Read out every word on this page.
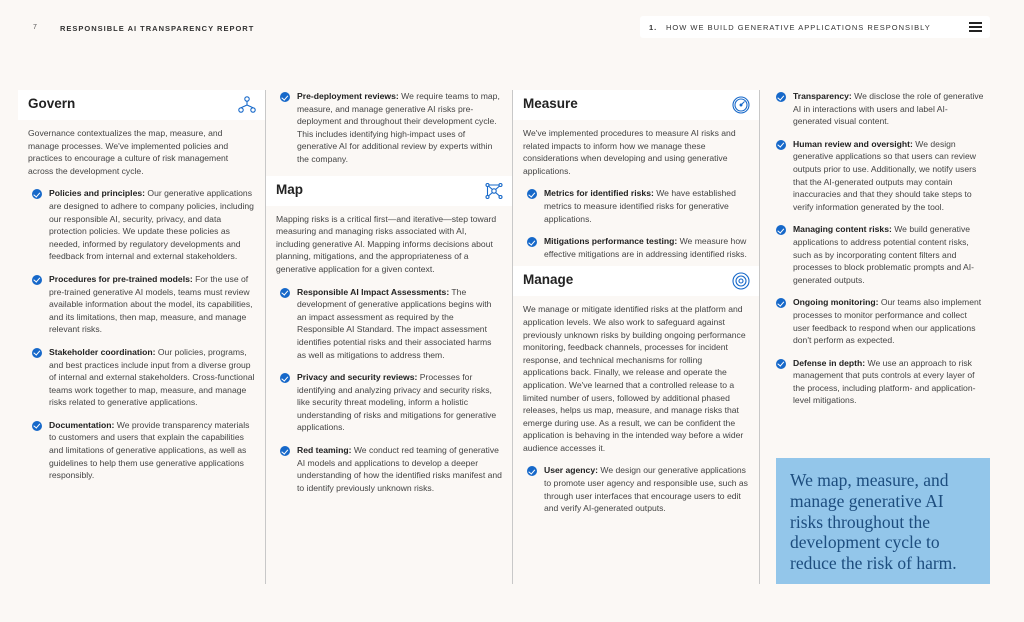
7	RESPONSIBLE AI TRANSPARENCY REPORT	1. HOW WE BUILD GENERATIVE APPLICATIONS RESPONSIBLY
Govern

Governance contextualizes the map, measure, and manage processes. We've implemented policies and practices to encourage a culture of risk management across the development cycle.

Policies and principles: Our generative applications are designed to adhere to company policies, including our responsible AI, security, privacy, and data protection policies. We update these policies as needed, informed by regulatory developments and feedback from internal and external stakeholders.
Procedures for pre-trained models: For the use of pre-trained generative AI models, teams must review available information about the model, its capabilities, and its limitations, then map, measure, and manage relevant risks.
Stakeholder coordination: Our policies, programs, and best practices include input from a diverse group of internal and external stakeholders. Cross-functional teams work together to map, measure, and manage risks related to generative applications.
Documentation: We provide transparency materials to customers and users that explain the capabilities and limitations of generative applications, as well as guidelines to help them use generative applications responsibly.
Pre-deployment reviews: We require teams to map, measure, and manage generative AI risks pre-deployment and throughout their development cycle. This includes identifying high-impact uses of generative AI for additional review by experts within the company.
Map

Mapping risks is a critical first—and iterative—step toward measuring and managing risks associated with AI, including generative AI. Mapping informs decisions about planning, mitigations, and the appropriateness of a generative application for a given context.

Responsible AI Impact Assessments: The development of generative applications begins with an impact assessment as required by the Responsible AI Standard. The impact assessment identifies potential risks and their associated harms as well as mitigations to address them.
Privacy and security reviews: Processes for identifying and analyzing privacy and security risks, like security threat modeling, inform a holistic understanding of risks and mitigations for generative applications.
Red teaming: We conduct red teaming of generative AI models and applications to develop a deeper understanding of how the identified risks manifest and to identify previously unknown risks.
Measure

We've implemented procedures to measure AI risks and related impacts to inform how we manage these considerations when developing and using generative applications.

Metrics for identified risks: We have established metrics to measure identified risks for generative applications.
Mitigations performance testing: We measure how effective mitigations are in addressing identified risks.
Manage

We manage or mitigate identified risks at the platform and application levels. We also work to safeguard against previously unknown risks by building ongoing performance monitoring, feedback channels, processes for incident response, and technical mechanisms for rolling applications back. Finally, we release and operate the application. We've learned that a controlled release to a limited number of users, followed by additional phased releases, helps us map, measure, and manage risks that emerge during use. As a result, we can be confident the application is behaving in the intended way before a wider audience accesses it.

User agency: We design our generative applications to promote user agency and responsible use, such as through user interfaces that encourage users to edit and verify AI-generated outputs.
Transparency: We disclose the role of generative AI in interactions with users and label AI-generated visual content.
Human review and oversight: We design generative applications so that users can review outputs prior to use. Additionally, we notify users that the AI-generated outputs may contain inaccuracies and that they should take steps to verify information generated by the tool.
Managing content risks: We build generative applications to address potential content risks, such as by incorporating content filters and processes to block problematic prompts and AI-generated outputs.
Ongoing monitoring: Our teams also implement processes to monitor performance and collect user feedback to respond when our applications don't perform as expected.
Defense in depth: We use an approach to risk management that puts controls at every layer of the process, including platform- and application-level mitigations.

We map, measure, and manage generative AI risks throughout the development cycle to reduce the risk of harm.
